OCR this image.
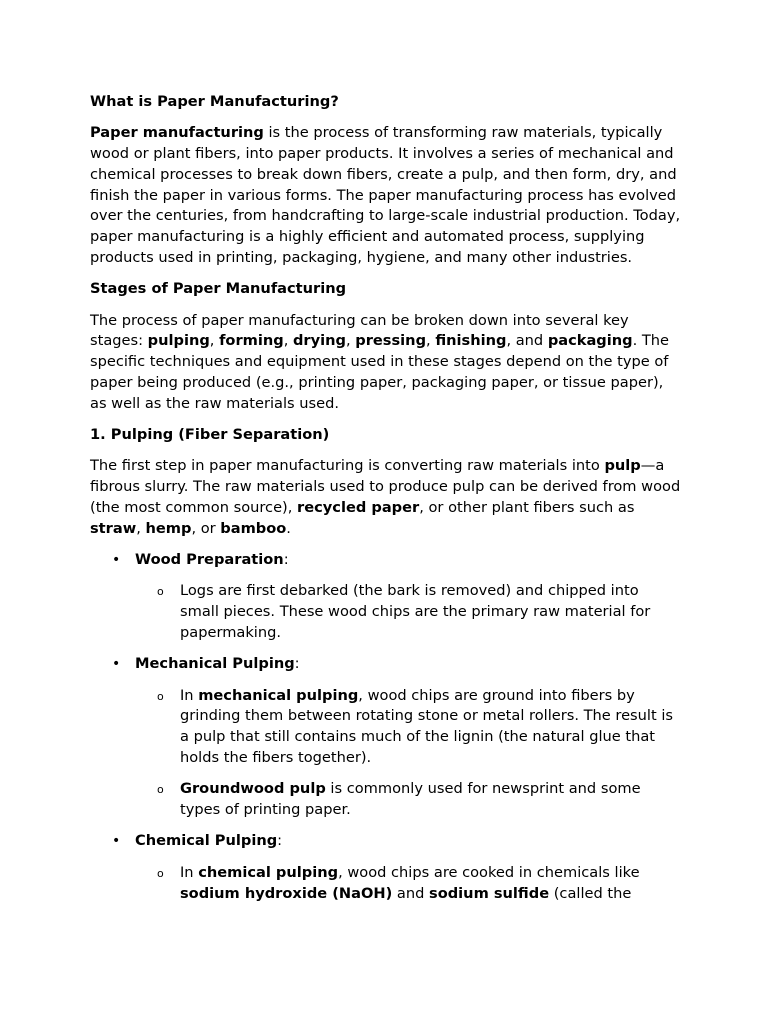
What is Paper Manufacturing?

Paper manufacturing is the process of transforming raw materials, typically wood or plant fibers, into paper products. It involves a series of mechanical and chemical processes to break down fibers, create a pulp, and then form, dry, and finish the paper in various forms. The paper manufacturing process has evolved over the centuries, from handcrafting to large-scale industrial production. Today, paper manufacturing is a highly efficient and automated process, supplying products used in printing, packaging, hygiene, and many other industries.

Stages of Paper Manufacturing

The process of paper manufacturing can be broken down into several key stages: pulping, forming, drying, pressing, finishing, and packaging. The specific techniques and equipment used in these stages depend on the type of paper being produced (e.g., printing paper, packaging paper, or tissue paper), as well as the raw materials used.

1. Pulping (Fiber Separation)

The first step in paper manufacturing is converting raw materials into pulp—a fibrous slurry. The raw materials used to produce pulp can be derived from wood (the most common source), recycled paper, or other plant fibers such as straw, hemp, or bamboo.

• Wood Preparation:
o Logs are first debarked (the bark is removed) and chipped into small pieces. These wood chips are the primary raw material for papermaking.
• Mechanical Pulping:
o In mechanical pulping, wood chips are ground into fibers by grinding them between rotating stone or metal rollers. The result is a pulp that still contains much of the lignin (the natural glue that holds the fibers together).
o Groundwood pulp is commonly used for newsprint and some types of printing paper.
• Chemical Pulping:
o In chemical pulping, wood chips are cooked in chemicals like sodium hydroxide (NaOH) and sodium sulfide (called the
